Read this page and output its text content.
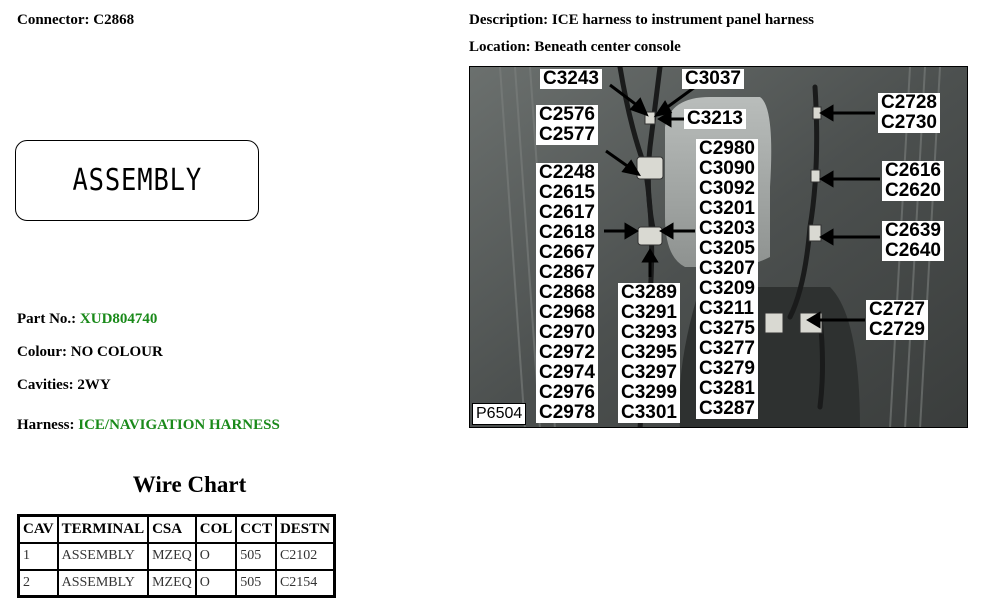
Connector: C2868	Description: ICE harness to instrument panel harness
Location: Beneath center console
ASSEMBLY
Part No.: XUD804740
Colour: NO COLOUR
Cavities: 2WY
Harness: ICE/NAVIGATION HARNESS
Wire Chart
CAV	TERMINAL	CSA	COL	CCT	DESTN
1	ASSEMBLY	MZEQ	O	505	C2102
2	ASSEMBLY	MZEQ	O	505	C2154
C3243	C3037
C3213
C2576
C2577
C2248
C2615
C2617
C2618
C2667
C2867
C2868
C2968
C2970
C2972
C2974
C2976
C2978
C3289
C3291
C3293
C3295
C3297
C3299
C3301
C2980
C3090
C3092
C3201
C3203
C3205
C3207
C3209
C3211
C3275
C3277
C3279
C3281
C3287
C2728
C2730
C2616
C2620
C2639
C2640
C2727
C2729
P6504
